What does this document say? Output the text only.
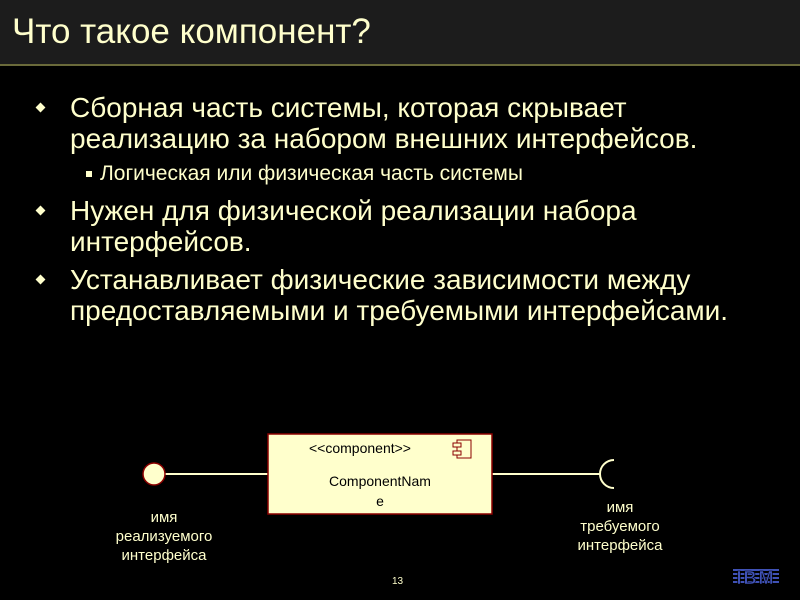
Что такое компонент?
Сборная часть системы, которая скрывает реализацию за набором внешних интерфейсов.
Логическая или физическая часть системы
Нужен для физической реализации набора интерфейсов.
Устанавливает физические зависимости между предоставляемыми и требуемыми интерфейсами.
<<component>>
ComponentNam
e
имя
реализуемого
интерфейса
имя
требуемого
интерфейса
13	IBM
